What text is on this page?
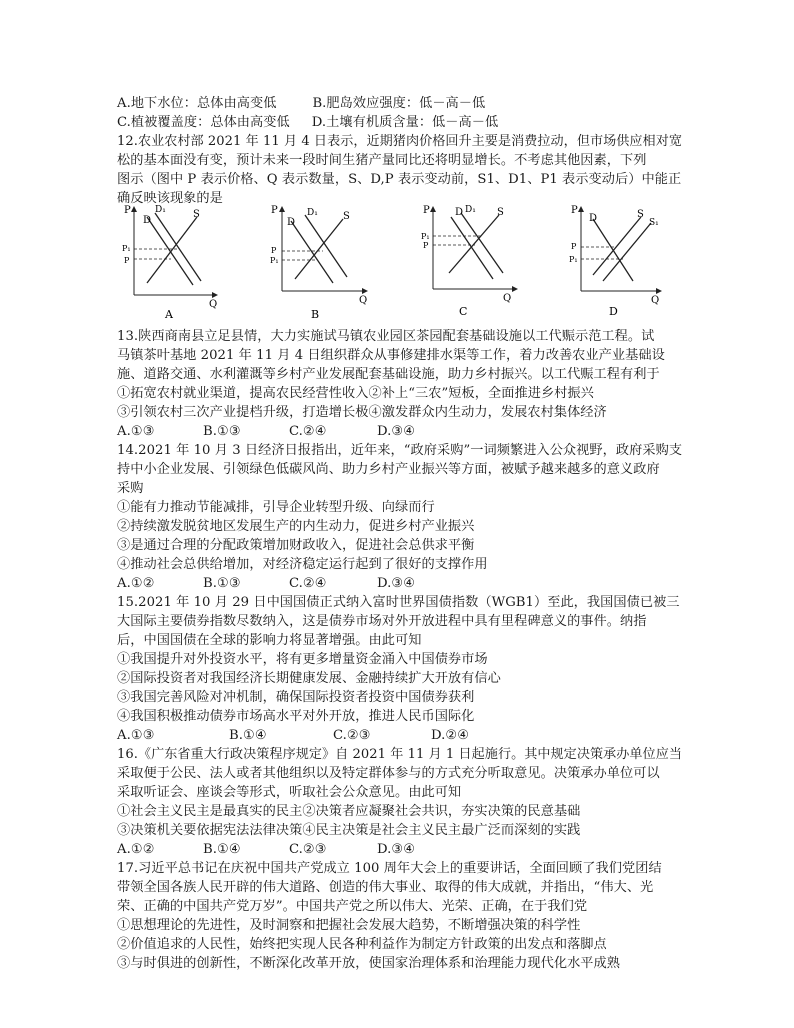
A.地下水位：总体由高变低	B.肥岛效应强度：低－高－低
C.植被覆盖度：总体由高变低 D.土壤有机质含量：低－高－低
12.农业农村部 2021 年 11 月 4 日表示，近期猪肉价格回升主要是消费拉动，但市场供应相对宽
松的基本面没有变，预计未来一段时间生猪产量同比还将明显增长。不考虑其他因素，下列
图示（图中 P 表示价格、Q 表示数量，S、D,P 表示变动前，S1、D1、P1 表示变动后）中能正
确反映该现象的是
P
Q
D
D₁	S
P₁
P
A
P
Q
D₁	S
D
P
P₁
B
P
Q
D D₁ S
P₁
P
C
P
Q
D	S
S₁
P
P₁
D
13.陕西商南县立足县情，大力实施试马镇农业园区茶园配套基础设施以工代赈示范工程。试
马镇茶叶基地 2021 年 11 月 4 日组织群众从事修建排水渠等工作，着力改善农业产业基础设
施、道路交通、水利灌溉等乡村产业发展配套基础设施，助力乡村振兴。以工代赈工程有利于
①拓宽农村就业渠道，提高农民经营性收入②补上“三农”短板，全面推进乡村振兴
③引领农村三次产业提档升级，打造增长极④激发群众内生动力，发展农村集体经济
A.①③	B.①③	C.②④	D.③④
14.2021 年 10 月 3 日经济日报指出，近年来，“政府采购”一词频繁进入公众视野，政府采购支
持中小企业发展、引领绿色低碳风尚、助力乡村产业振兴等方面，被赋予越来越多的意义政府
采购
①能有力推动节能减排，引导企业转型升级、向绿而行
②持续激发脱贫地区发展生产的内生动力，促进乡村产业振兴
③是通过合理的分配政策增加财政收入，促进社会总供求平衡
④推动社会总供给增加，对经济稳定运行起到了很好的支撑作用
A.①②	B.①③	C.②④	D.③④
15.2021 年 10 月 29 日中国国债正式纳入富时世界国债指数（WGB1）至此，我国国债已被三
大国际主要债券指数尽数纳入，这是债券市场对外开放进程中具有里程碑意义的事件。纳指
后，中国国债在全球的影响力将显著增强。由此可知
①我国提升对外投资水平，将有更多增量资金涌入中国债券市场
②国际投资者对我国经济长期健康发展、金融持续扩大开放有信心
③我国完善风险对冲机制，确保国际投资者投资中国债券获利
④我国积极推动债券市场高水平对外开放，推进人民币国际化
A.①③	B.①④	C.②③	D.②④
16.《广东省重大行政决策程序规定》自 2021 年 11 月 1 日起施行。其中规定决策承办单位应当
采取便于公民、法人或者其他组织以及特定群体参与的方式充分听取意见。决策承办单位可以
采取听证会、座谈会等形式，听取社会公众意见。由此可知
①社会主义民主是最真实的民主②决策者应凝聚社会共识，夯实决策的民意基础
③决策机关要依据宪法法律决策④民主决策是社会主义民主最广泛而深刻的实践
A.①②	B.①④	C.②③	D.③④
17.习近平总书记在庆祝中国共产党成立 100 周年大会上的重要讲话，全面回顾了我们党团结
带领全国各族人民开辟的伟大道路、创造的伟大事业、取得的伟大成就，并指出，“伟大、光
荣、正确的中国共产党万岁”。中国共产党之所以伟大、光荣、正确，在于我们党
①思想理论的先进性，及时洞察和把握社会发展大趋势，不断增强决策的科学性
②价值追求的人民性，始终把实现人民各种利益作为制定方针政策的出发点和落脚点
③与时俱进的创新性，不断深化改革开放，使国家治理体系和治理能力现代化水平成熟
